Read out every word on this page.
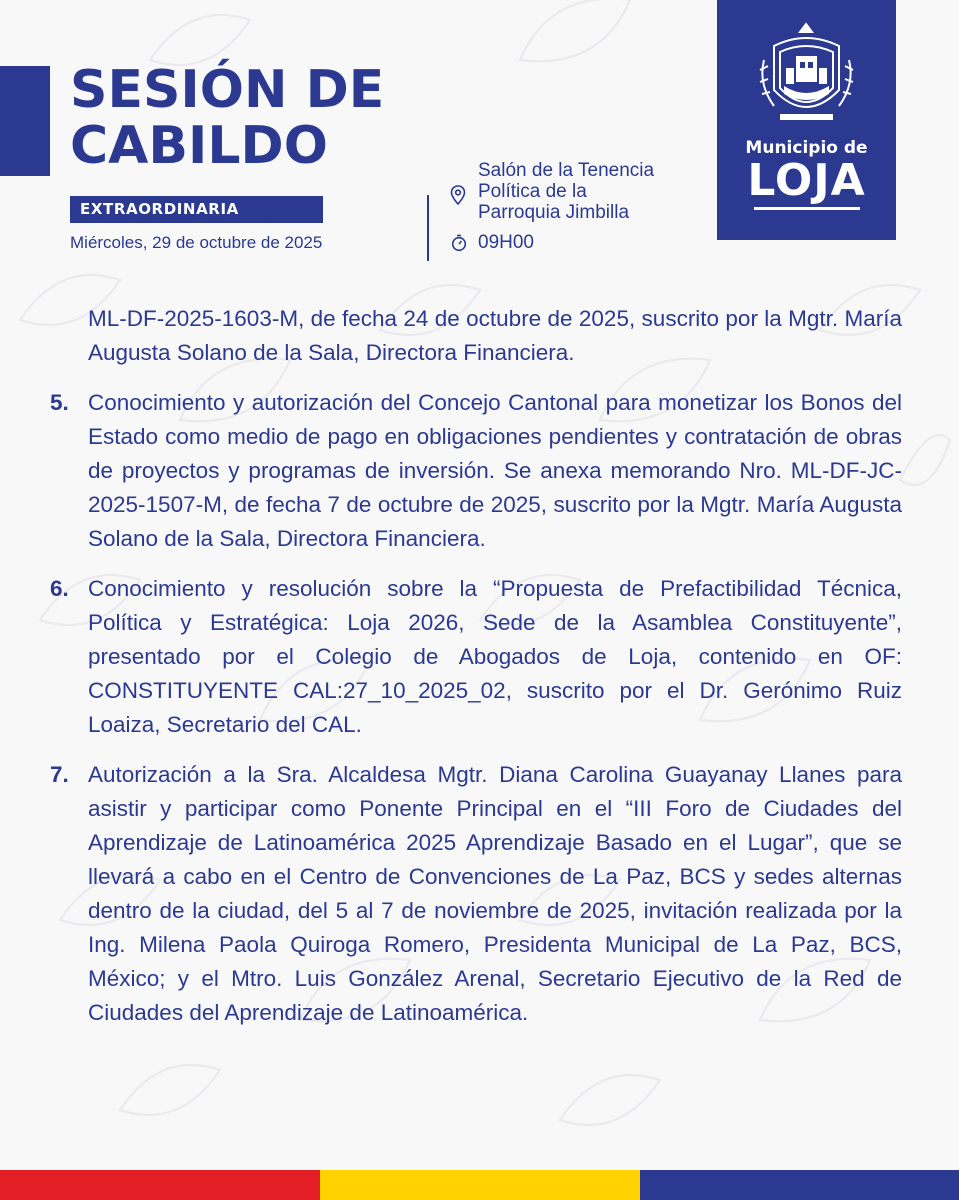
SESIÓN DE
CABILDO
EXTRAORDINARIA
Miércoles, 29 de octubre de 2025
Salón de la Tenencia
Política de la
Parroquia Jimbilla
09H00
Municipio de
LOJA

ML-DF-2025-1603-M, de fecha 24 de octubre de 2025, suscrito por la Mgtr. María Augusta Solano de la Sala, Directora Financiera.

5. Conocimiento y autorización del Concejo Cantonal para monetizar los Bonos del Estado como medio de pago en obligaciones pendientes y contratación de obras de proyectos y programas de inversión. Se anexa memorando Nro. ML-DF-JC-2025-1507-M, de fecha 7 de octubre de 2025, suscrito por la Mgtr. María Augusta Solano de la Sala, Directora Financiera.
6. Conocimiento y resolución sobre la “Propuesta de Prefactibilidad Técnica, Política y Estratégica: Loja 2026, Sede de la Asamblea Constituyente”, presentado por el Colegio de Abogados de Loja, contenido en OF: CONSTITUYENTE CAL:27_10_2025_02, suscrito por el Dr. Gerónimo Ruiz Loaiza, Secretario del CAL.
7. Autorización a la Sra. Alcaldesa Mgtr. Diana Carolina Guayanay Llanes para asistir y participar como Ponente Principal en el “III Foro de Ciudades del Aprendizaje de Latinoamérica 2025 Aprendizaje Basado en el Lugar”, que se llevará a cabo en el Centro de Convenciones de La Paz, BCS y sedes alternas dentro de la ciudad, del 5 al 7 de noviembre de 2025, invitación realizada por la Ing. Milena Paola Quiroga Romero, Presidenta Municipal de La Paz, BCS, México; y el Mtro. Luis González Arenal, Secretario Ejecutivo de la Red de Ciudades del Aprendizaje de Latinoamérica.
